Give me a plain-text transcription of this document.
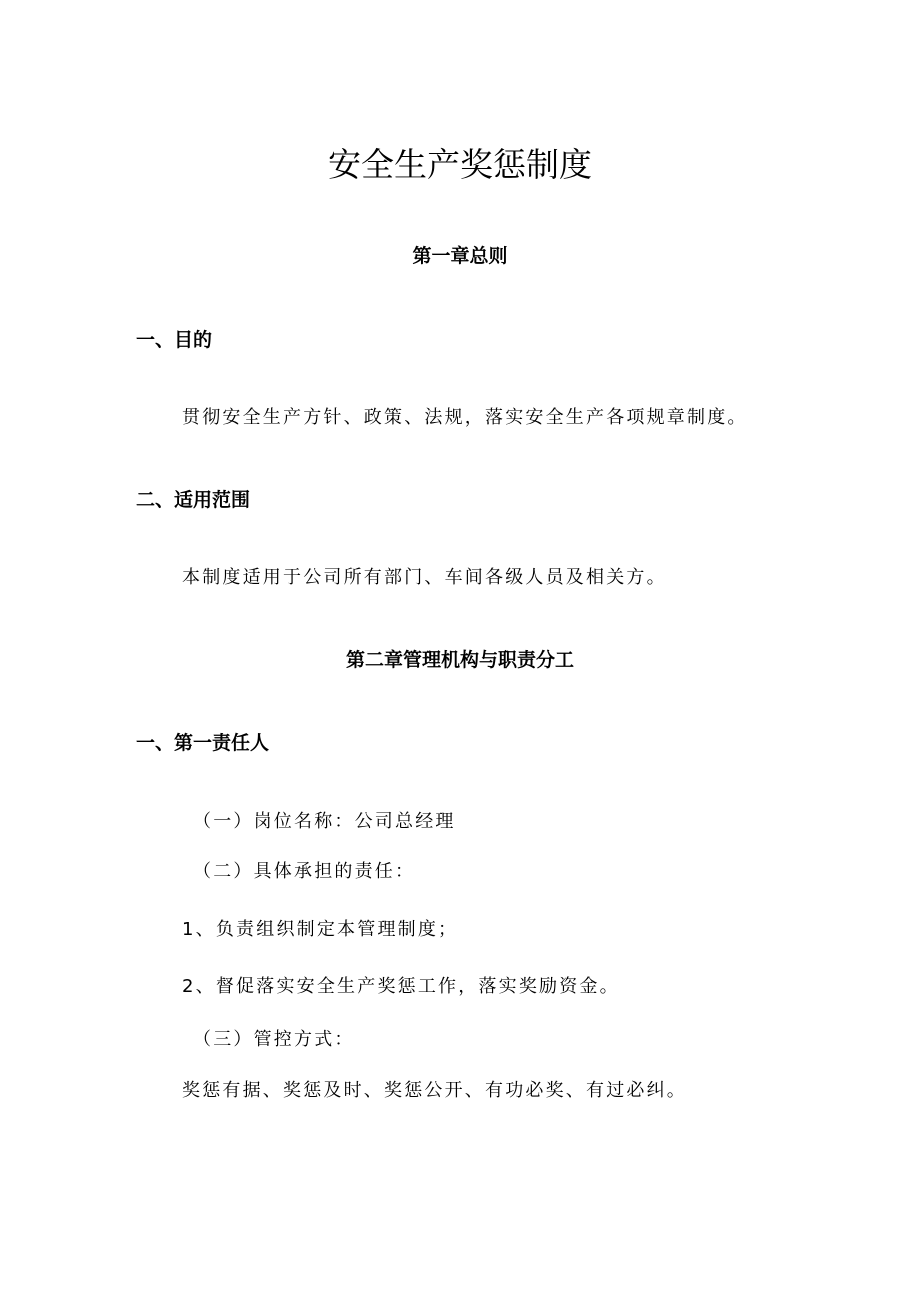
安全生产奖惩制度
第一章总则
一、目的
贯彻安全生产方针、政策、法规，落实安全生产各项规章制度。
二、适用范围
本制度适用于公司所有部门、车间各级人员及相关方。
第二章管理机构与职责分工
一、第一责任人
（一）岗位名称：公司总经理
（二）具体承担的责任：
1、负责组织制定本管理制度；
2、督促落实安全生产奖惩工作，落实奖励资金。
（三）管控方式：
奖惩有据、奖惩及时、奖惩公开、有功必奖、有过必纠。
